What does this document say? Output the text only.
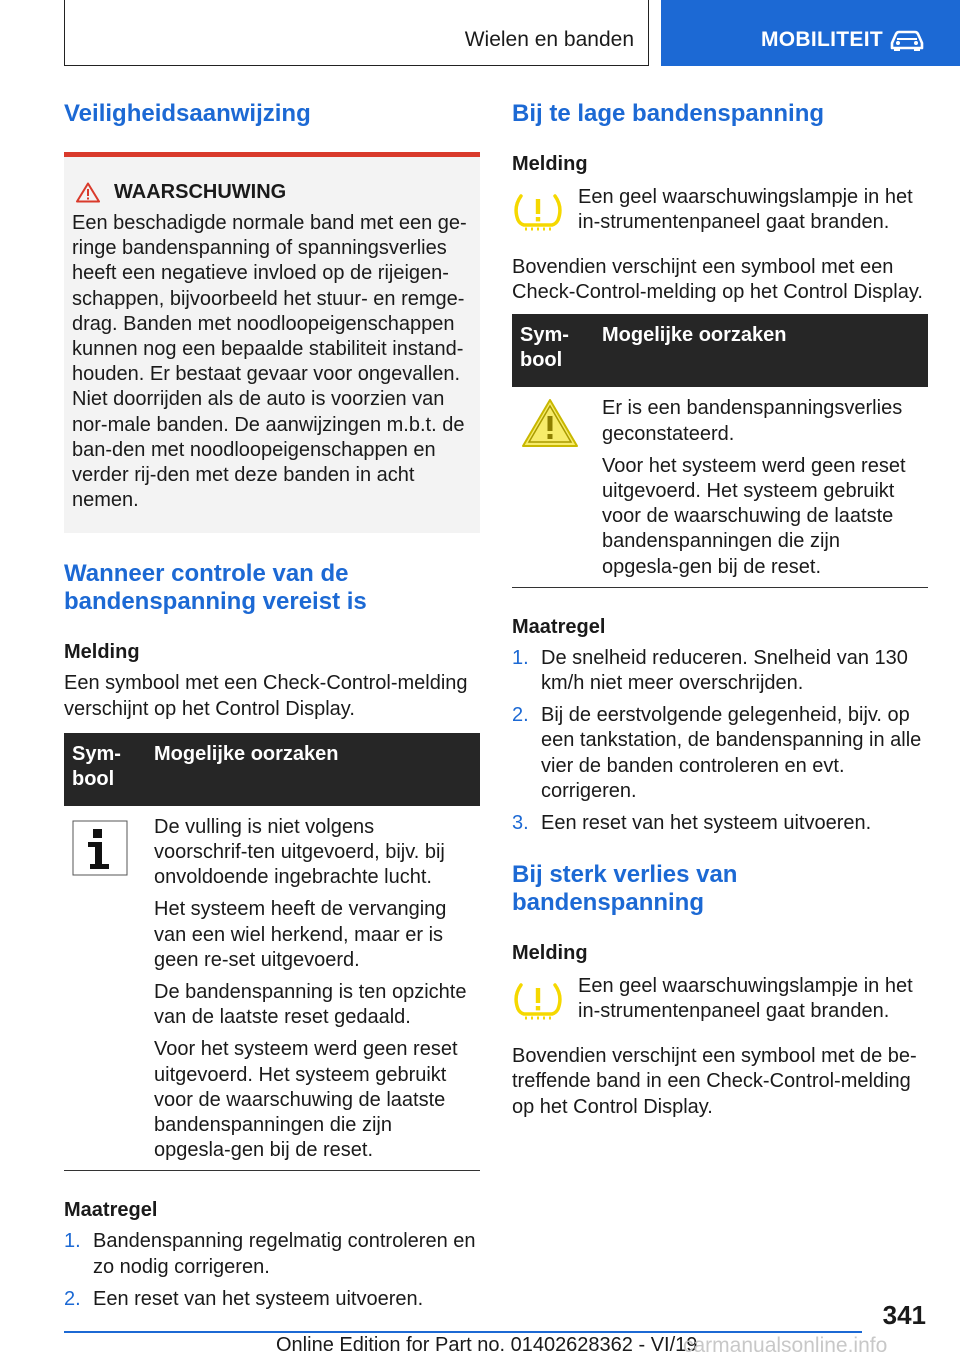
Wielen en banden	MOBILITEIT
Veiligheidsaanwijzing
WAARSCHUWING

Een beschadigde normale band met een ge-ringe bandenspanning of spanningsverlies heeft een negatieve invloed op de rijeigen-schappen, bijvoorbeeld het stuur- en remge-drag. Banden met noodloopeigenschappen kunnen nog een bepaalde stabiliteit instand-houden. Er bestaat gevaar voor ongevallen. Niet doorrijden als de auto is voorzien van nor-male banden. De aanwijzingen m.b.t. de ban-den met noodloopeigenschappen en verder rij-den met deze banden in acht nemen.

Wanneer controle van de bandenspanning vereist is
Melding

Een symbool met een Check-Control-melding verschijnt op het Control Display.

Sym-bool	Mogelijke oorzaken

De vulling is niet volgens voorschrif-ten uitgevoerd, bijv. bij onvoldoende ingebrachte lucht.

Het systeem heeft de vervanging van een wiel herkend, maar er is geen re-set uitgevoerd.

De bandenspanning is ten opzichte van de laatste reset gedaald.

Voor het systeem werd geen reset uitgevoerd. Het systeem gebruikt voor de waarschuwing de laatste bandenspanningen die zijn opgesla-gen bij de reset.

Maatregel
1. Bandenspanning regelmatig controleren en zo nodig corrigeren.
2. Een reset van het systeem uitvoeren.
Bij te lage bandenspanning
Melding

Een geel waarschuwingslampje in het in-strumentenpaneel gaat branden.

Bovendien verschijnt een symbool met een Check-Control-melding op het Control Display.

Sym-bool	Mogelijke oorzaken

Er is een bandenspanningsverlies geconstateerd.

Voor het systeem werd geen reset uitgevoerd. Het systeem gebruikt voor de waarschuwing de laatste bandenspanningen die zijn opgesla-gen bij de reset.

Maatregel
1. De snelheid reduceren. Snelheid van 130 km/h niet meer overschrijden.
2. Bij de eerstvolgende gelegenheid, bijv. op een tankstation, de bandenspanning in alle vier de banden controleren en evt. corrigeren.
3. Een reset van het systeem uitvoeren.
Bij sterk verlies van bandenspanning
Melding

Een geel waarschuwingslampje in het in-strumentenpaneel gaat branden.

Bovendien verschijnt een symbool met de be-treffende band in een Check-Control-melding op het Control Display.

341
Online Edition for Part no. 01402628362 - VI/19
carmanualsonline.info
